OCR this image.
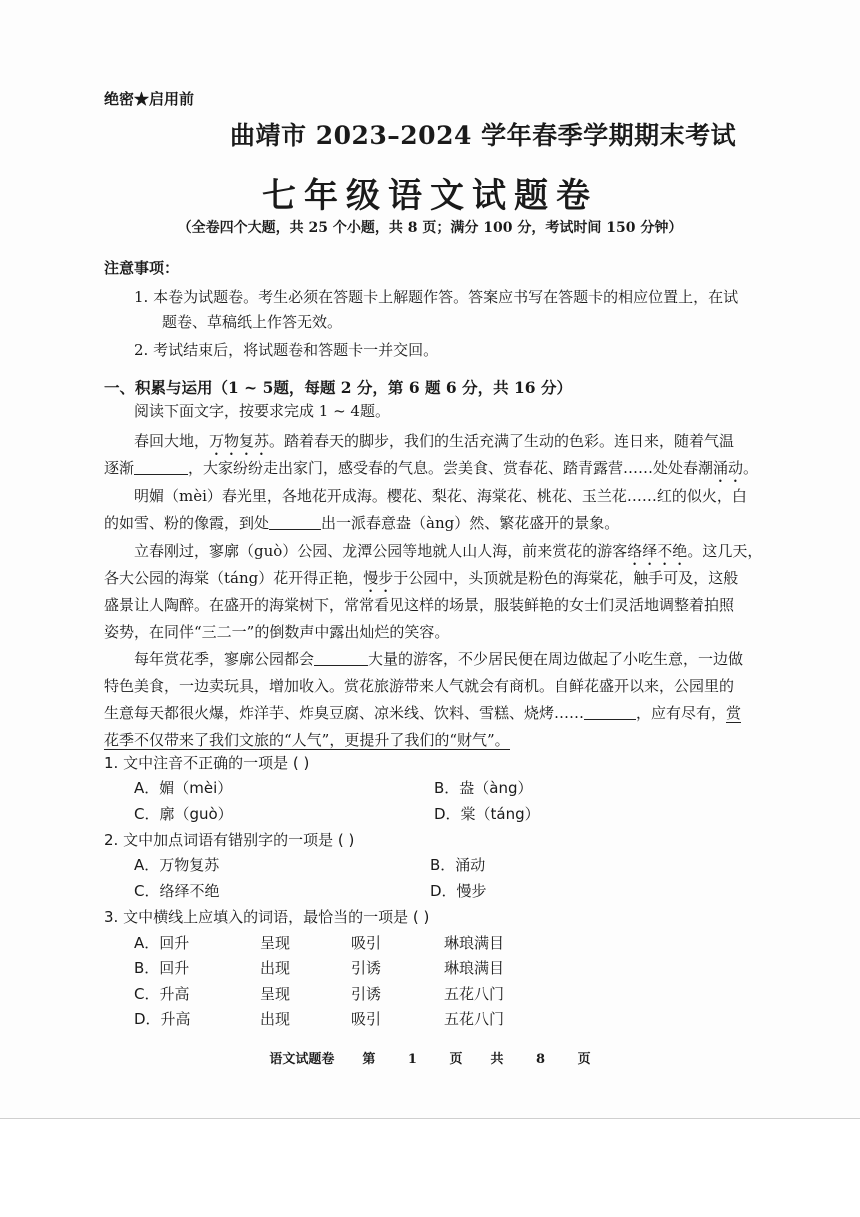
绝密★启用前
曲靖市 2023–2024 学年春季学期期末考试
七年级语文试题卷
（全卷四个大题，共 25 个小题，共 8 页；满分 100 分，考试时间 150 分钟）
注意事项：
1. 本卷为试题卷。考生必须在答题卡上解题作答。答案应书写在答题卡的相应位置上，在试
题卷、草稿纸上作答无效。
2. 考试结束后，将试题卷和答题卡一并交回。
一、积累与运用（1 ~ 5题，每题 2 分，第 6 题 6 分，共 16 分）
阅读下面文字，按要求完成 1 ~ 4题。
春回大地，万物复苏。踏着春天的脚步，我们的生活充满了生动的色彩。连日来，随着气温
逐渐	，大家纷纷走出家门，感受春的气息。尝美食、赏春花、踏青露营……处处春潮涌动。
明媚（mèi）春光里，各地花开成海。樱花、梨花、海棠花、桃花、玉兰花……红的似火，白
的如雪、粉的像霞，到处	出一派春意盎（àng）然、繁花盛开的景象。
立春刚过，寥廓（guò）公园、龙潭公园等地就人山人海，前来赏花的游客络绎不绝。这几天，
各大公园的海棠（táng）花开得正艳，慢步于公园中，头顶就是粉色的海棠花，触手可及，这般
盛景让人陶醉。在盛开的海棠树下，常常看见这样的场景，服装鲜艳的女士们灵活地调整着拍照
姿势，在同伴“三二一”的倒数声中露出灿烂的笑容。
每年赏花季，寥廓公园都会	大量的游客，不少居民便在周边做起了小吃生意，一边做
特色美食，一边卖玩具，增加收入。赏花旅游带来人气就会有商机。自鲜花盛开以来，公园里的
生意每天都很火爆，炸洋芋、炸臭豆腐、凉米线、饮料、雪糕、烧烤……	，应有尽有，赏
花季不仅带来了我们文旅的“人气”，更提升了我们的“财气”。
1. 文中注音不正确的一项是 ( )
A．媚（mèi）	B．盎（àng）
C．廓（guò）	D．棠（táng）
2. 文中加点词语有错别字的一项是 ( )
A．万物复苏	B．涌动
C．络绎不绝	D．慢步
3. 文中横线上应填入的词语，最恰当的一项是 ( )
A．回升	呈现	吸引	琳琅满目
B．回升	出现	引诱	琳琅满目
C．升高	呈现	引诱	五花八门
D．升高	出现	吸引	五花八门
语文试题卷 第 1 页 共 8 页
